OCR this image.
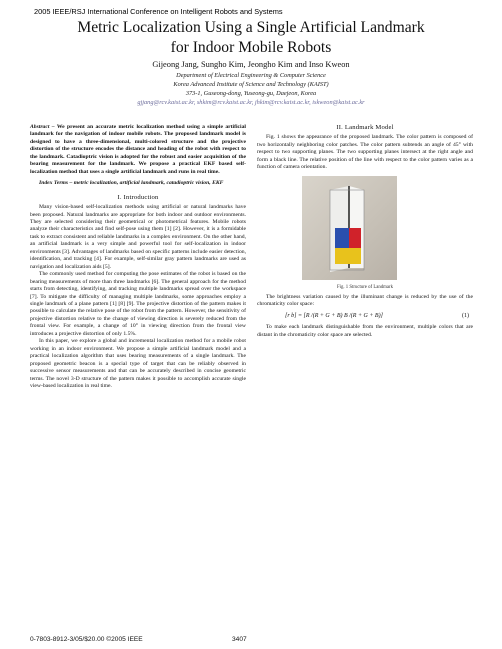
2005 IEEE/RSJ International Conference on Intelligent Robots and Systems
Metric Localization Using a Single Artificial Landmark
for Indoor Mobile Robots
Gijeong Jang, Sungho Kim, Jeongho Kim and Inso Kweon
Department of Electrical Engineering & Computer Science
Korea Advanced Institute of Science and Technology (KAIST)
373-1, Guseong-dong, Yuseong-gu, Daejeon, Korea
gjjang@rcv.kaist.ac.kr, shkim@rcv.kaist.ac.kr, jhkim@rcv.kaist.ac.kr, iskweon@kaist.ac.kr

Abstract – We present an accurate metric localization method using a simple artificial landmark for the navigation of indoor mobile robots. The proposed landmark model is designed to have a three-dimensional, multi-colored structure and the projective distortion of the structure encodes the distance and heading of the robot with respect to the landmark. Catadioptric vision is adopted for the robust and easier acquisition of the bearing measurement for the landmark. We propose a practical EKF based self-localization method that uses a single artificial landmark and runs in real time.

Index Terms – metric localization, artificial landmark, catadioptric vision, EKF

I. Introduction

Many vision-based self-localization methods using artificial or natural landmarks have been proposed. Natural landmarks are appropriate for both indoor and outdoor environments. They are selected considering their geometrical or photometrical features. Mobile robots analyze their characteristics and find self-pose using them [1] [2]. However, it is a formidable task to extract consistent and reliable landmarks in a complex environment. On the other hand, an artificial landmark is a very simple and powerful tool for self-localization in indoor environments [3]. Advantages of landmarks based on specific patterns include easier detection, identification, and tracking [4]. For example, self-similar gray pattern landmarks are used as navigation and localization aids [5].

The commonly used method for computing the pose estimates of the robot is based on the bearing measurements of more than three landmarks [6]. The general approach for the method starts from detecting, identifying, and tracking multiple landmarks spread over the workspace [7]. To mitigate the difficulty of managing multiple landmarks, some approaches employ a single landmark of a plane pattern [1] [8] [9]. The projective distortion of the pattern makes it possible to calculate the relative pose of the robot from the pattern. However, the sensitivity of projective distortion relative to the change of viewing direction is severely reduced from the frontal view. For example, a change of 10° in viewing direction from the frontal view introduces a projective distortion of only 1.5%.

In this paper, we explore a global and incremental localization method for a mobile robot working in an indoor environment. We propose a simple artificial landmark model and a practical localization algorithm that uses bearing measurements of a single landmark. The proposed geometric beacon is a special type of target that can be reliably observed in successive sensor measurements and that can be accurately described in concise geometric terms. The novel 3-D structure of the pattern makes it possible to accomplish accurate single view-based localization in real time.

II. Landmark Model

Fig. 1 shows the appearance of the proposed landmark. The color pattern is composed of two horizontally neighboring color patches. The color pattern subtends an angle of 45° with respect to two supporting planes. The two supporting planes intersect at the right angle and form a black line. The relative position of the line with respect to the color pattern varies as a function of camera orientation.

Fig. 1 Structure of Landmark

The brightness variation caused by the illuminant change is reduced by the use of the chromaticity color space:

[r b] = [R /(R + G + B) B /(R + G + B)]	(1)

To make each landmark distinguishable from the environment, multiple colors that are distant in the chromaticity color space are selected.

0-7803-8912-3/05/$20.00 ©2005 IEEE	3407
